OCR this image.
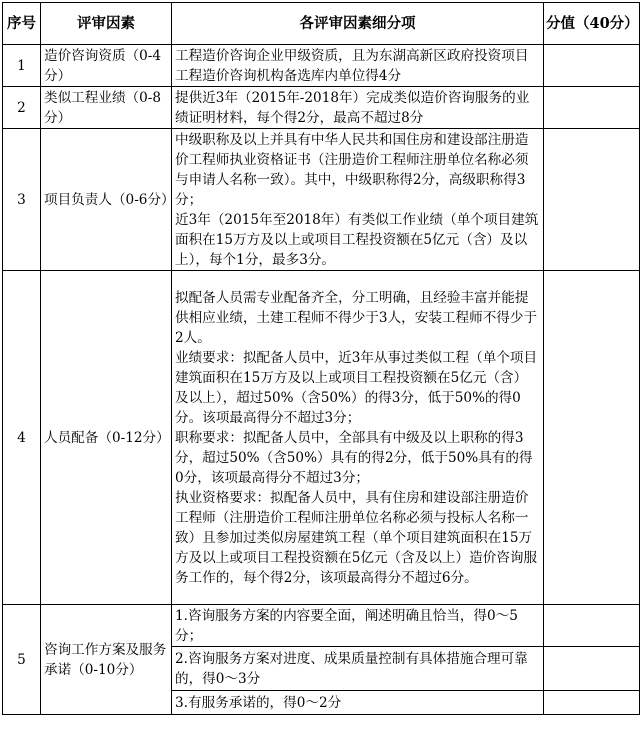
序号	评审因素	各评审因素细分项	分值（40分）
1	造价咨询资质（0-4分）	工程造价咨询企业甲级资质，且为东湖高新区政府投资项目工程造价咨询机构备选库内单位得4分	

2	类似工程业绩（0-8分）	提供近3年（2015年-2018年）完成类似造价咨询服务的业绩证明材料，每个得2分，最高不超过8分	

3	项目负责人（0-6分）	中级职称及以上并具有中华人民共和国住房和建设部注册造价工程师执业资格证书（注册造价工程师注册单位名称必须与申请人名称一致）。其中，中级职称得2分，高级职称得3分；
近3年（2015年至2018年）有类似工作业绩（单个项目建筑面积在15万方及以上或项目工程投资额在5亿元（含）及以上），每个1分，最多3分。	

4	人员配备（0-12分）	拟配备人员需专业配备齐全，分工明确，且经验丰富并能提供相应业绩，土建工程师不得少于3人，安装工程师不得少于2人。
业绩要求：拟配备人员中，近3年从事过类似工程（单个项目建筑面积在15万方及以上或项目工程投资额在5亿元（含）及以上），超过50%（含50%）的得3分，低于50%的得0分。该项最高得分不超过3分；
职称要求：拟配备人员中，全部具有中级及以上职称的得3分，超过50%（含50%）具有的得2分，低于50%具有的得0分，该项最高得分不超过3分；
执业资格要求：拟配备人员中，具有住房和建设部注册造价工程师（注册造价工程师注册单位名称必须与投标人名称一致）且参加过类似房屋建筑工程（单个项目建筑面积在15万方及以上或项目工程投资额在5亿元（含及以上）造价咨询服务工作的，每个得2分，该项最高得分不超过6分。	

5	咨询工作方案及服务承诺（0-10分）	1.咨询服务方案的内容要全面，阐述明确且恰当，得0～5分；	
		2.咨询服务方案对进度、成果质量控制有具体措施合理可靠的，得0～3分	
		3.有服务承诺的，得0～2分	
